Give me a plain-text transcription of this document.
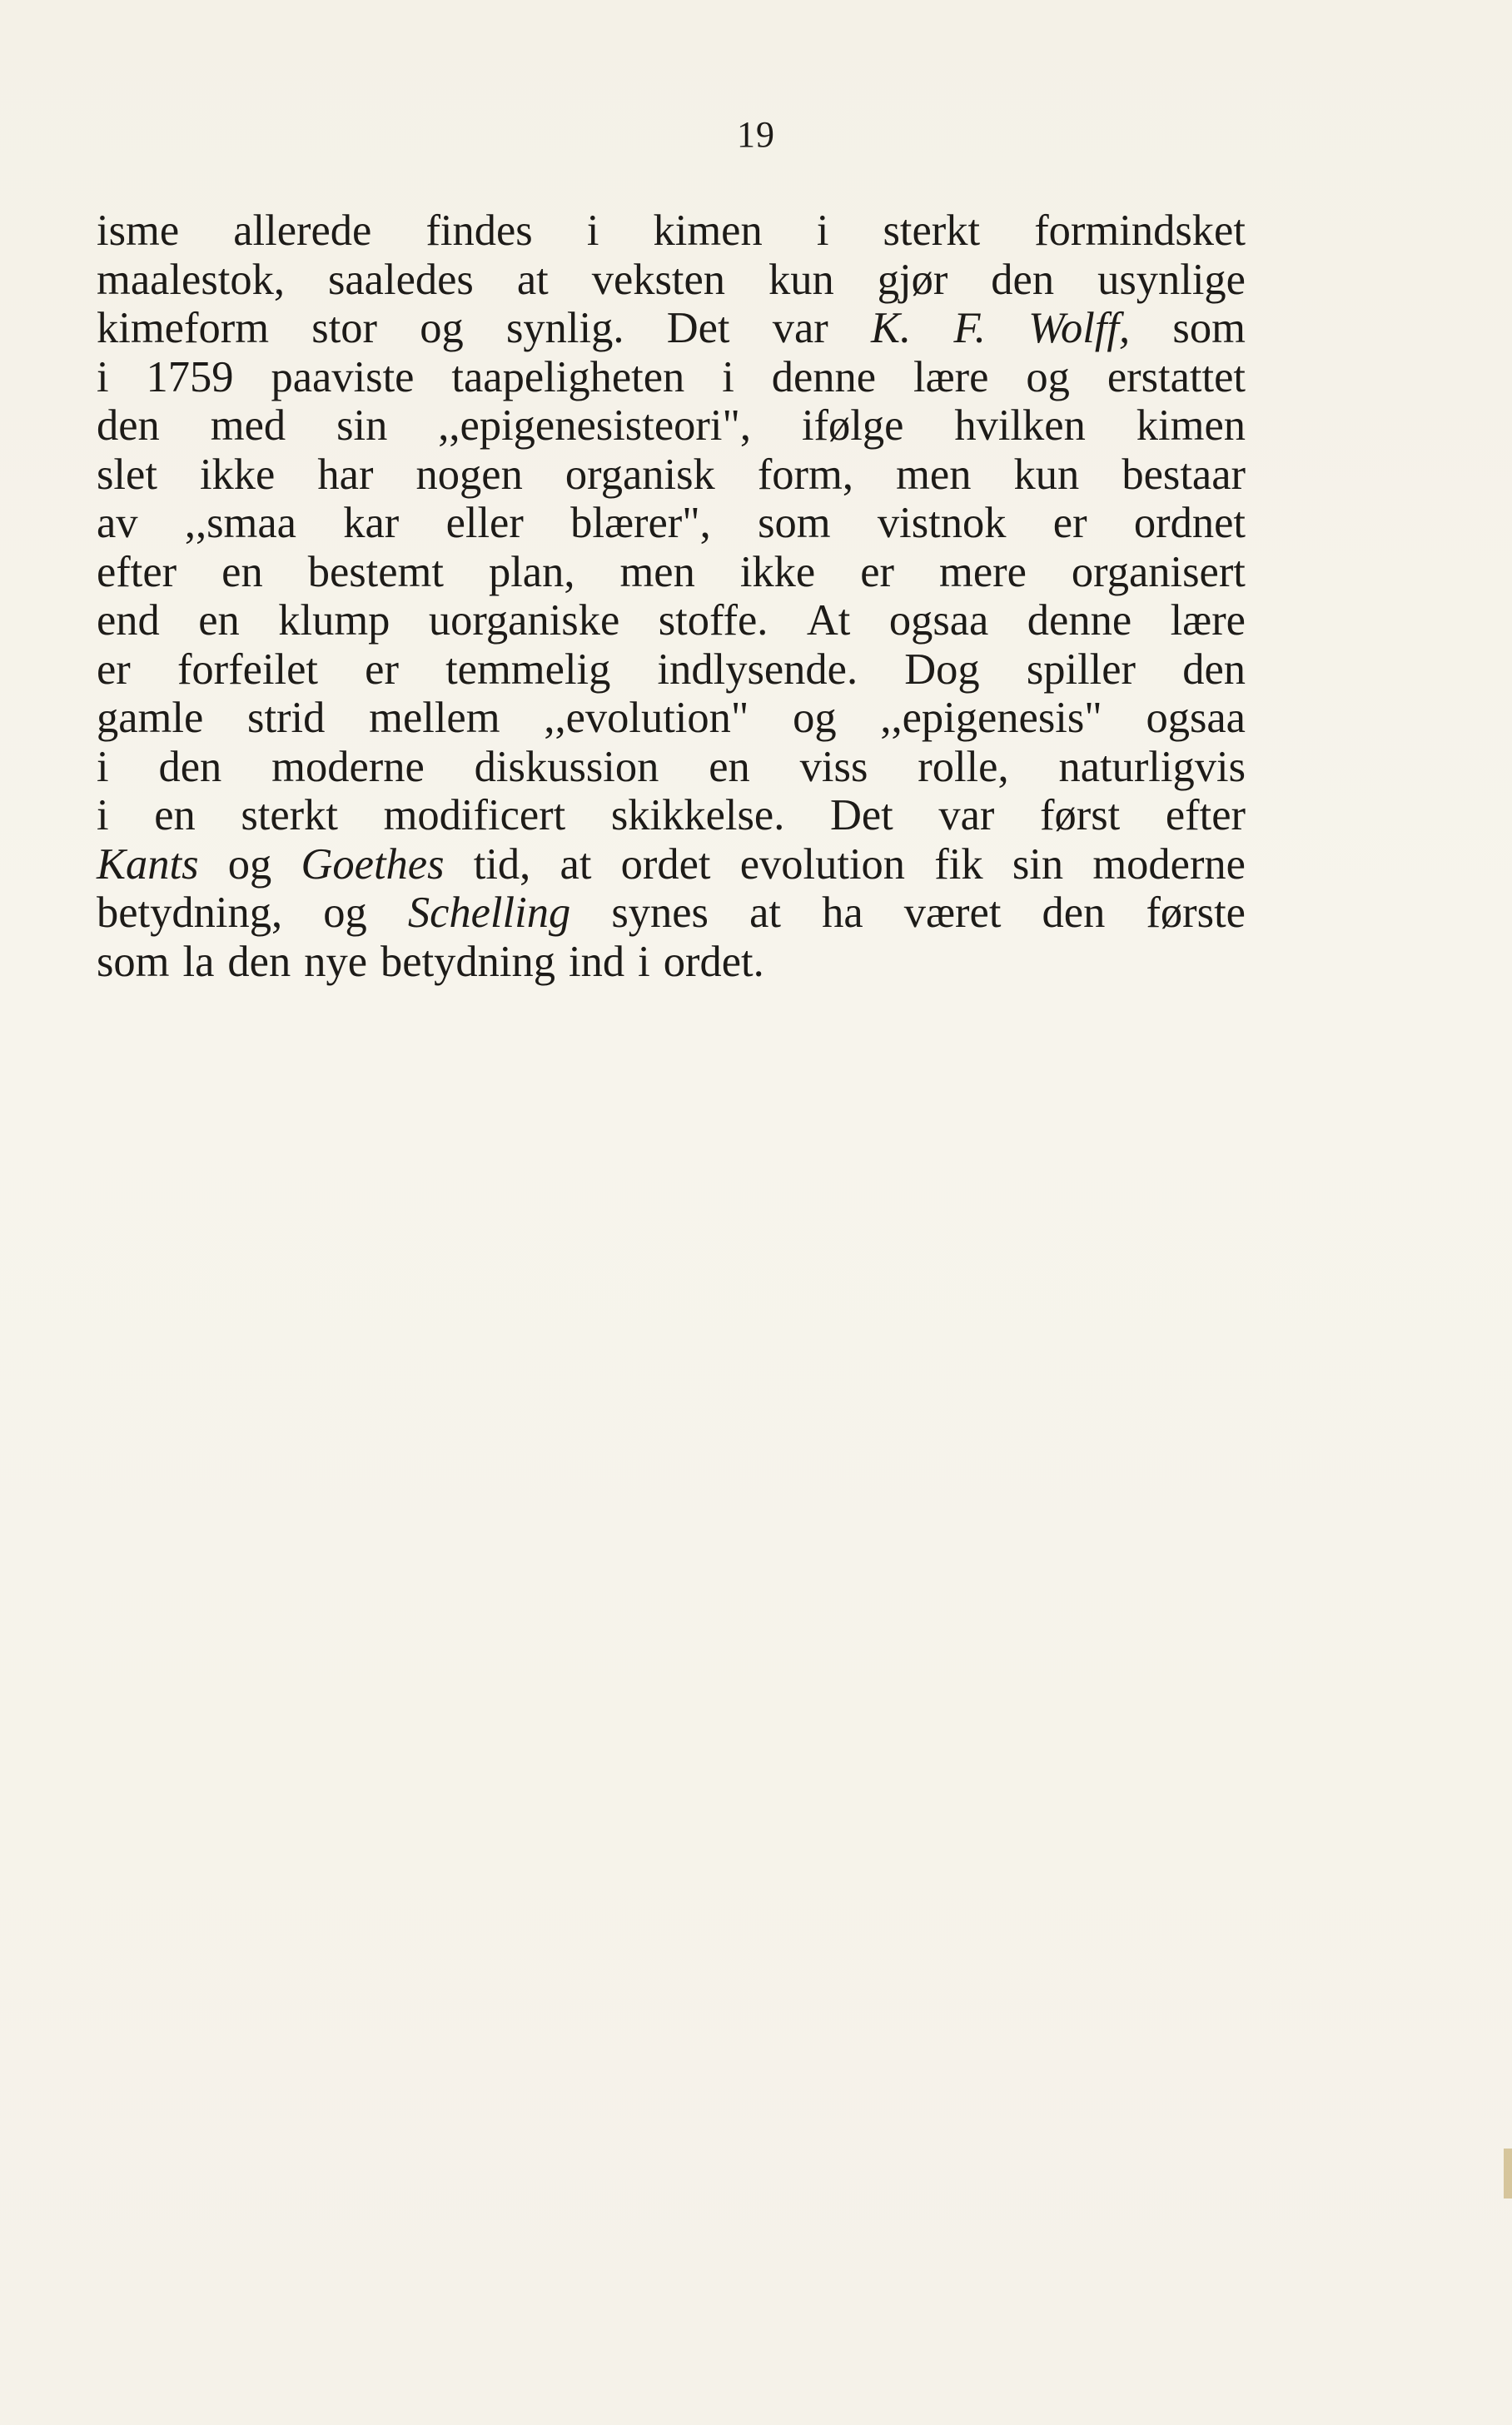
19
isme allerede findes i kimen i sterkt formindsket
maalestok, saaledes at veksten kun gjør den usynlige
kimeform stor og synlig. Det var K. F. Wolff, som
i 1759 paaviste taapeligheten i denne lære og erstattet
den med sin ,,epigenesisteori", ifølge hvilken kimen
slet ikke har nogen organisk form, men kun bestaar
av ,,smaa kar eller blærer", som vistnok er ordnet
efter en bestemt plan, men ikke er mere organisert
end en klump uorganiske stoffe. At ogsaa denne lære
er forfeilet er temmelig indlysende. Dog spiller den
gamle strid mellem ,,evolution" og ,,epigenesis" ogsaa
i den moderne diskussion en viss rolle, naturligvis
i en sterkt modificert skikkelse. Det var først efter
Kants og Goethes tid, at ordet evolution fik sin moderne
betydning, og Schelling synes at ha været den første
som la den nye betydning ind i ordet.
